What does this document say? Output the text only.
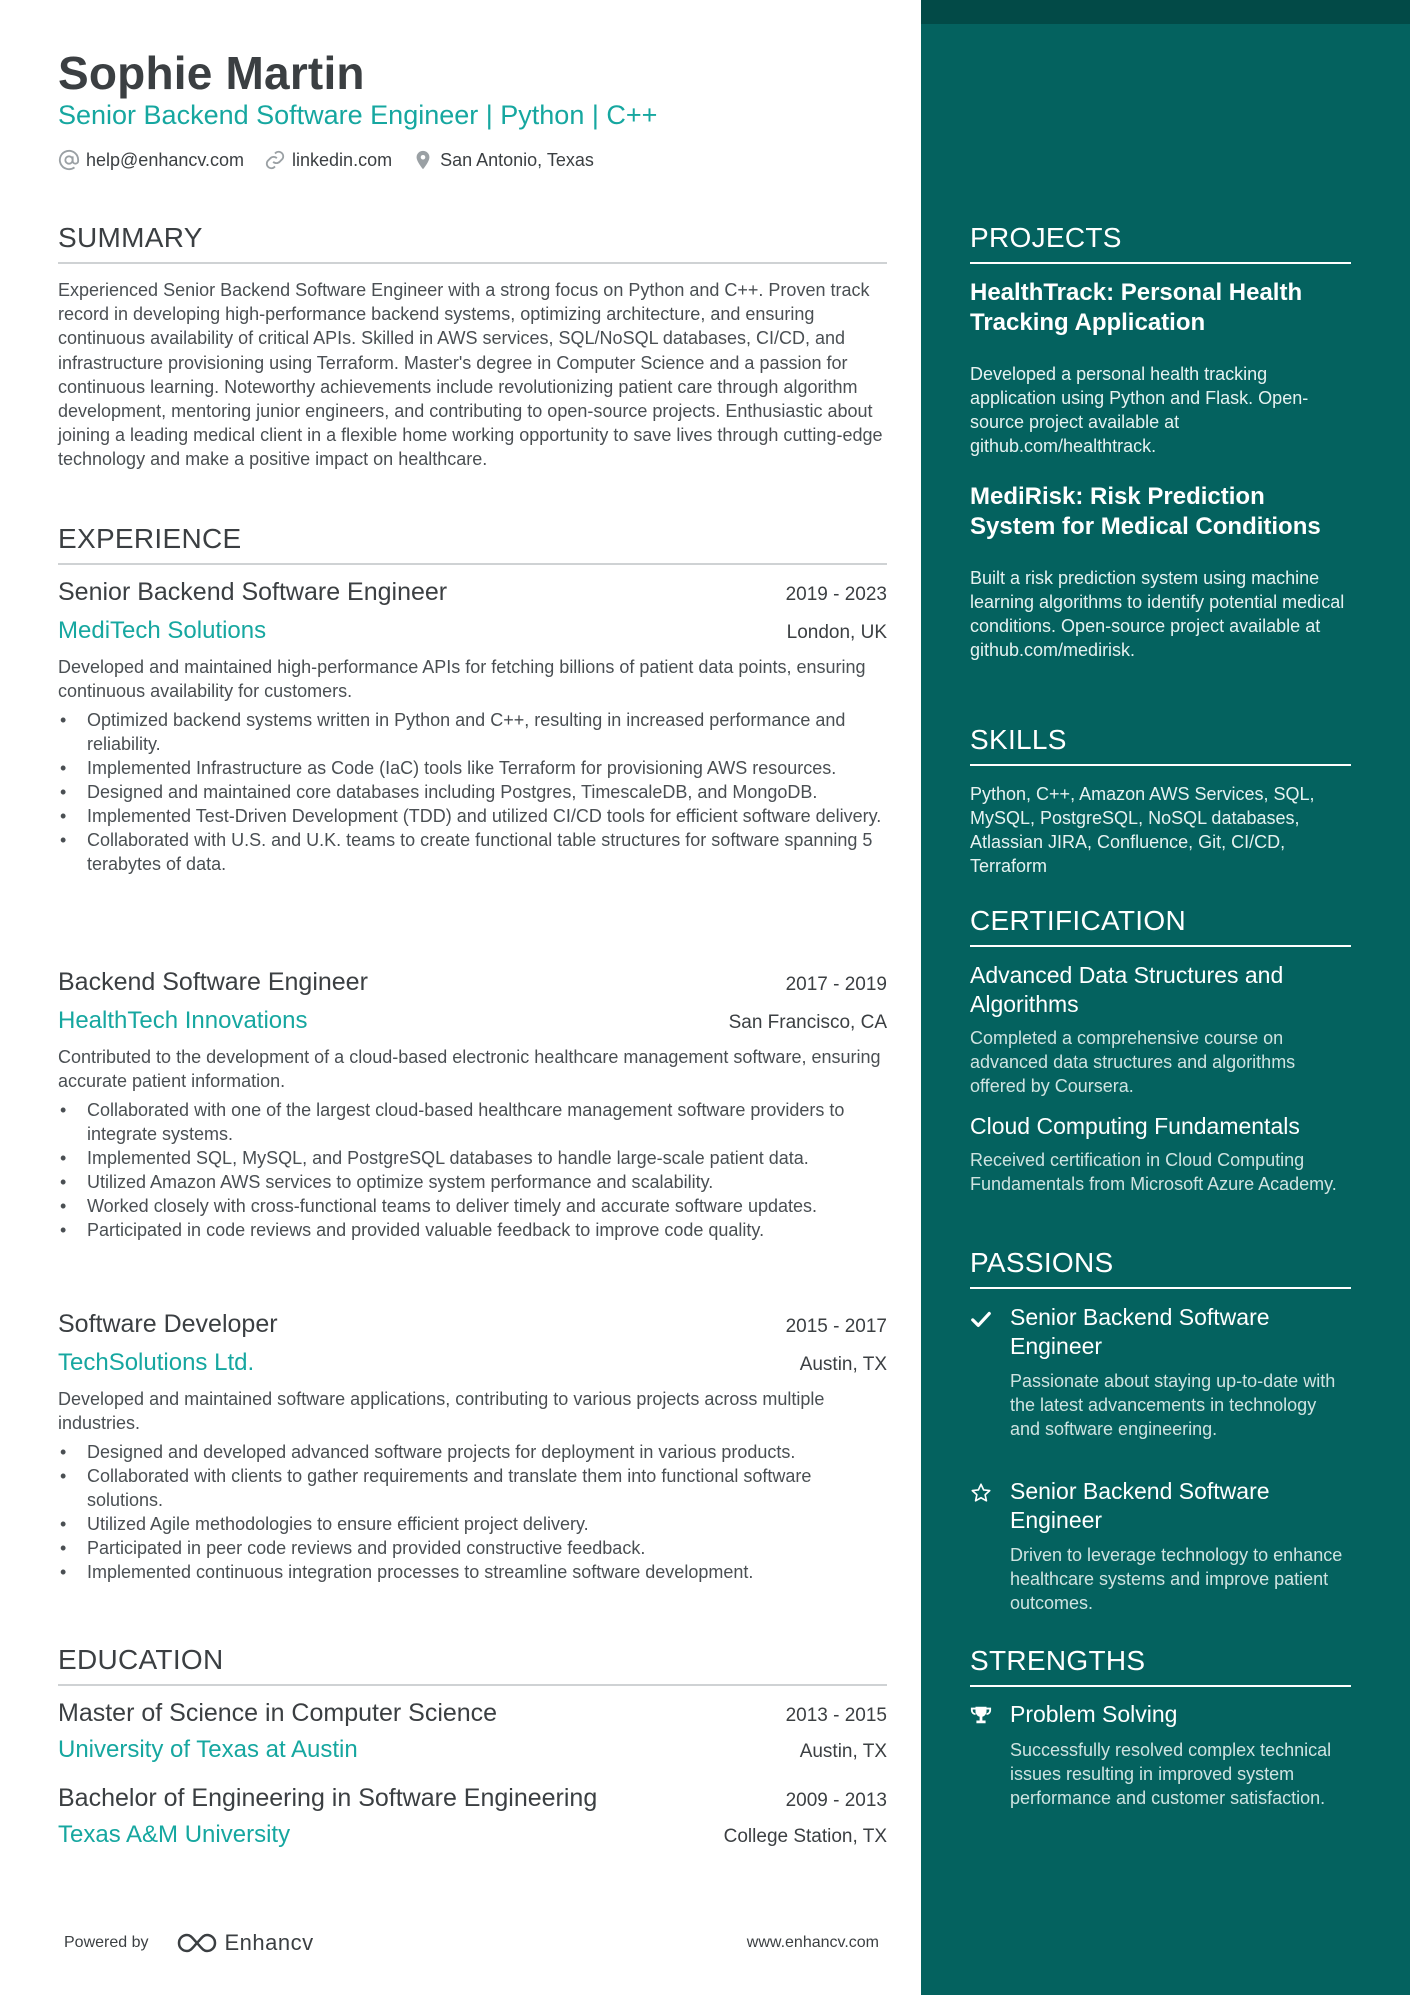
Sophie Martin
Senior Backend Software Engineer | Python | C++
help@enhancv.com	linkedin.com	San Antonio, Texas
SUMMARY
Experienced Senior Backend Software Engineer with a strong focus on Python and C++. Proven track record in developing high-performance backend systems, optimizing architecture, and ensuring continuous availability of critical APIs. Skilled in AWS services, SQL/NoSQL databases, CI/CD, and infrastructure provisioning using Terraform. Master's degree in Computer Science and a passion for continuous learning. Noteworthy achievements include revolutionizing patient care through algorithm development, mentoring junior engineers, and contributing to open-source projects. Enthusiastic about joining a leading medical client in a flexible home working opportunity to save lives through cutting-edge technology and make a positive impact on healthcare.
EXPERIENCE
Senior Backend Software Engineer	2019 - 2023
MediTech Solutions	London, UK
Developed and maintained high-performance APIs for fetching billions of patient data points, ensuring continuous availability for customers.
• Optimized backend systems written in Python and C++, resulting in increased performance and reliability.
• Implemented Infrastructure as Code (IaC) tools like Terraform for provisioning AWS resources.
• Designed and maintained core databases including Postgres, TimescaleDB, and MongoDB.
• Implemented Test-Driven Development (TDD) and utilized CI/CD tools for efficient software delivery.
• Collaborated with U.S. and U.K. teams to create functional table structures for software spanning 5 terabytes of data.
Backend Software Engineer	2017 - 2019
HealthTech Innovations	San Francisco, CA
Contributed to the development of a cloud-based electronic healthcare management software, ensuring accurate patient information.
• Collaborated with one of the largest cloud-based healthcare management software providers to integrate systems.
• Implemented SQL, MySQL, and PostgreSQL databases to handle large-scale patient data.
• Utilized Amazon AWS services to optimize system performance and scalability.
• Worked closely with cross-functional teams to deliver timely and accurate software updates.
• Participated in code reviews and provided valuable feedback to improve code quality.
Software Developer	2015 - 2017
TechSolutions Ltd.	Austin, TX
Developed and maintained software applications, contributing to various projects across multiple industries.
• Designed and developed advanced software projects for deployment in various products.
• Collaborated with clients to gather requirements and translate them into functional software solutions.
• Utilized Agile methodologies to ensure efficient project delivery.
• Participated in peer code reviews and provided constructive feedback.
• Implemented continuous integration processes to streamline software development.
EDUCATION
Master of Science in Computer Science	2013 - 2015
University of Texas at Austin	Austin, TX
Bachelor of Engineering in Software Engineering	2009 - 2013
Texas A&M University	College Station, TX
Powered by	Enhancv	www.enhancv.com
PROJECTS
HealthTrack: Personal Health Tracking Application
Developed a personal health tracking application using Python and Flask. Open-source project available at github.com/healthtrack.
MediRisk: Risk Prediction System for Medical Conditions
Built a risk prediction system using machine learning algorithms to identify potential medical conditions. Open-source project available at github.com/medirisk.
SKILLS
Python, C++, Amazon AWS Services, SQL, MySQL, PostgreSQL, NoSQL databases, Atlassian JIRA, Confluence, Git, CI/CD, Terraform
CERTIFICATION
Advanced Data Structures and Algorithms
Completed a comprehensive course on advanced data structures and algorithms offered by Coursera.
Cloud Computing Fundamentals
Received certification in Cloud Computing Fundamentals from Microsoft Azure Academy.
PASSIONS
Senior Backend Software Engineer
Passionate about staying up-to-date with the latest advancements in technology and software engineering.
Senior Backend Software Engineer
Driven to leverage technology to enhance healthcare systems and improve patient outcomes.
STRENGTHS
Problem Solving
Successfully resolved complex technical issues resulting in improved system performance and customer satisfaction.
